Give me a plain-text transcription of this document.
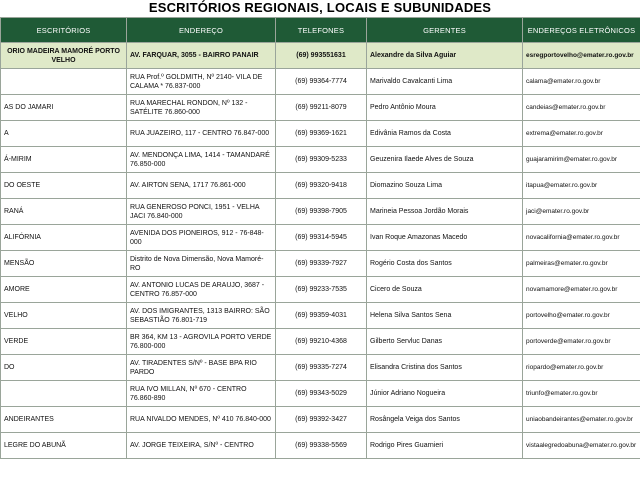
ESCRITÓRIOS REGIONAIS, LOCAIS E SUBUNIDADES
ESCRITÓRIOS	ENDEREÇO	TELEFONES	GERENTES	ENDEREÇOS ELETRÔNICOS
ORIO MADEIRA MAMORÉ PORTO VELHO	AV. FARQUAR, 3055 - BAIRRO PANAIR	(69) 993551631	Alexandre da Silva Aguiar	esregportovelho@emater.ro.gov.br
	RUA Prof.º GOLDMITH, Nº 2140- VILA DE CALAMA * 76.837-000	(69) 99364-7774	Marivaldo Cavalcanti Lima	calama@emater.ro.gov.br
AS DO JAMARI	RUA MARECHAL RONDON, Nº 132 - SATÉLITE 76.860-000	(69) 99211-8079	Pedro Antônio Moura	candeias@emater.ro.gov.br
A	RUA JUAZEIRO, 117 - CENTRO 76.847-000	(69) 99369-1621	Edivânia Ramos da Costa	extrema@emater.ro.gov.br
Á-MIRIM	AV. MENDONÇA LIMA, 1414 - TAMANDARÉ 76.850-000	(69) 99309-5233	Geuzenira Ilaede Alves de Souza	guajaramirim@emater.ro.gov.br
DO OESTE	AV. AIRTON SENA, 1717 76.861-000	(69) 99320-9418	Diomazino Souza Lima	itapua@emater.ro.gov.br
RANÁ	RUA GENEROSO PONCI, 1951 - VELHA JACI 76.840-000	(69) 99398-7905	Marineia Pessoa Jordão Morais	jaci@emater.ro.gov.br
ALIFÓRNIA	AVENIDA DOS PIONEIROS, 912 - 76-848-000	(69) 99314-5945	Ivan Roque Amazonas Macedo	novacalifornia@emater.ro.gov.br
MENSÃO	Distrito de Nova Dimensão, Nova Mamoré-RO	(69) 99339-7927	Rogério Costa dos Santos	palmeiras@emater.ro.gov.br
AMORE	AV. ANTONIO LUCAS DE ARAUJO, 3687 - CENTRO 76.857-000	(69) 99233-7535	Cicero de Souza	novamamore@emater.ro.gov.br
VELHO	AV. DOS IMIGRANTES, 1313 BAIRRO: SÃO SEBASTIÃO 76.801-719	(69) 99359-4031	Helena Silva Santos Sena	portovelho@emater.ro.gov.br
VERDE	BR 364, KM 13 - AGROVILA PORTO VERDE 76.800-000	(69) 99210-4368	Gilberto Servluc Danas	portoverde@emater.ro.gov.br
DO	AV. TIRADENTES S/Nº - BASE BPA RIO PARDO	(69) 99335-7274	Elisandra Cristina dos Santos	riopardo@emater.ro.gov.br
	RUA IVO MILLAN, Nº 670 - CENTRO 76.860-890	(69) 99343-5029	Júnior Adriano Nogueira	triunfo@emater.ro.gov.br
ANDEIRANTES	RUA NIVALDO MENDES, Nº 410 76.840-000	(69) 99392-3427	Rosângela Veiga dos Santos	uniaobandeirantes@emater.ro.gov.br
LEGRE DO ABUNÃ	AV. JORGE TEIXEIRA, S/Nº - CENTRO	(69) 99338-5569	Rodrigo Pires Guarnieri	vistaalegredoabuna@emater.ro.gov.br
